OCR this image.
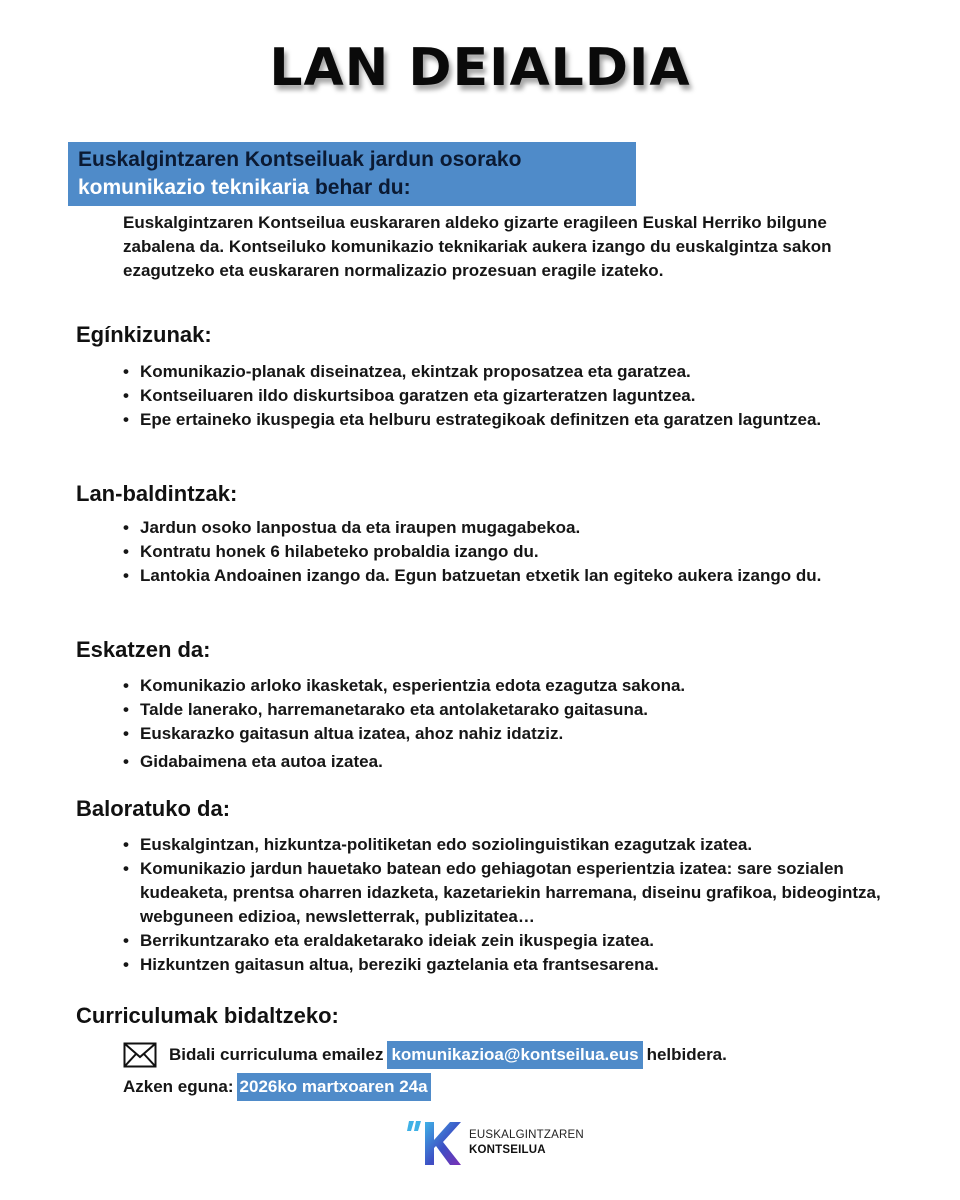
LAN DEIALDIA
Euskalgintzaren Kontseiluak jardun osorako
komunikazio teknikaria behar du:

Euskalgintzaren Kontseilua euskararen aldeko gizarte eragileen Euskal Herriko bilgune zabalena da. Kontseiluko komunikazio teknikariak aukera izango du euskalgintza sakon ezagutzeko eta euskararen normalizazio prozesuan eragile izateko.

Egínkizunak:
• Komunikazio-planak diseinatzea, ekintzak proposatzea eta garatzea.
• Kontseiluaren ildo diskurtsiboa garatzen eta gizarteratzen laguntzea.
• Epe ertaineko ikuspegia eta helburu estrategikoak definitzen eta garatzen laguntzea.
Lan-baldintzak:
• Jardun osoko lanpostua da eta iraupen mugagabekoa.
• Kontratu honek 6 hilabeteko probaldia izango du.
• Lantokia Andoainen izango da. Egun batzuetan etxetik lan egiteko aukera izango du.
Eskatzen da:
• Komunikazio arloko ikasketak, esperientzia edota ezagutza sakona.
• Talde lanerako, harremanetarako eta antolaketarako gaitasuna.
• Euskarazko gaitasun altua izatea, ahoz nahiz idatziz.
• Gidabaimena eta autoa izatea.
Baloratuko da:
• Euskalgintzan, hizkuntza-politiketan edo soziolinguistikan ezagutzak izatea.
• Komunikazio jardun hauetako batean edo gehiagotan esperientzia izatea: sare sozialen kudeaketa, prentsa oharren idazketa, kazetariekin harremana, diseinu grafikoa, bideogintza, webguneen edizioa, newsletterrak, publizitatea…
• Berrikuntzarako eta eraldaketarako ideiak zein ikuspegia izatea.
• Hizkuntzen gaitasun altua, bereziki gaztelania eta frantsesarena.
Curriculumak bidaltzeko:
Bidali curriculuma emailez komunikazioa@kontseilua.eus helbidera.
Azken eguna: 2026ko martxoaren 24a
EUSKALGINTZAREN
KONTSEILUA
